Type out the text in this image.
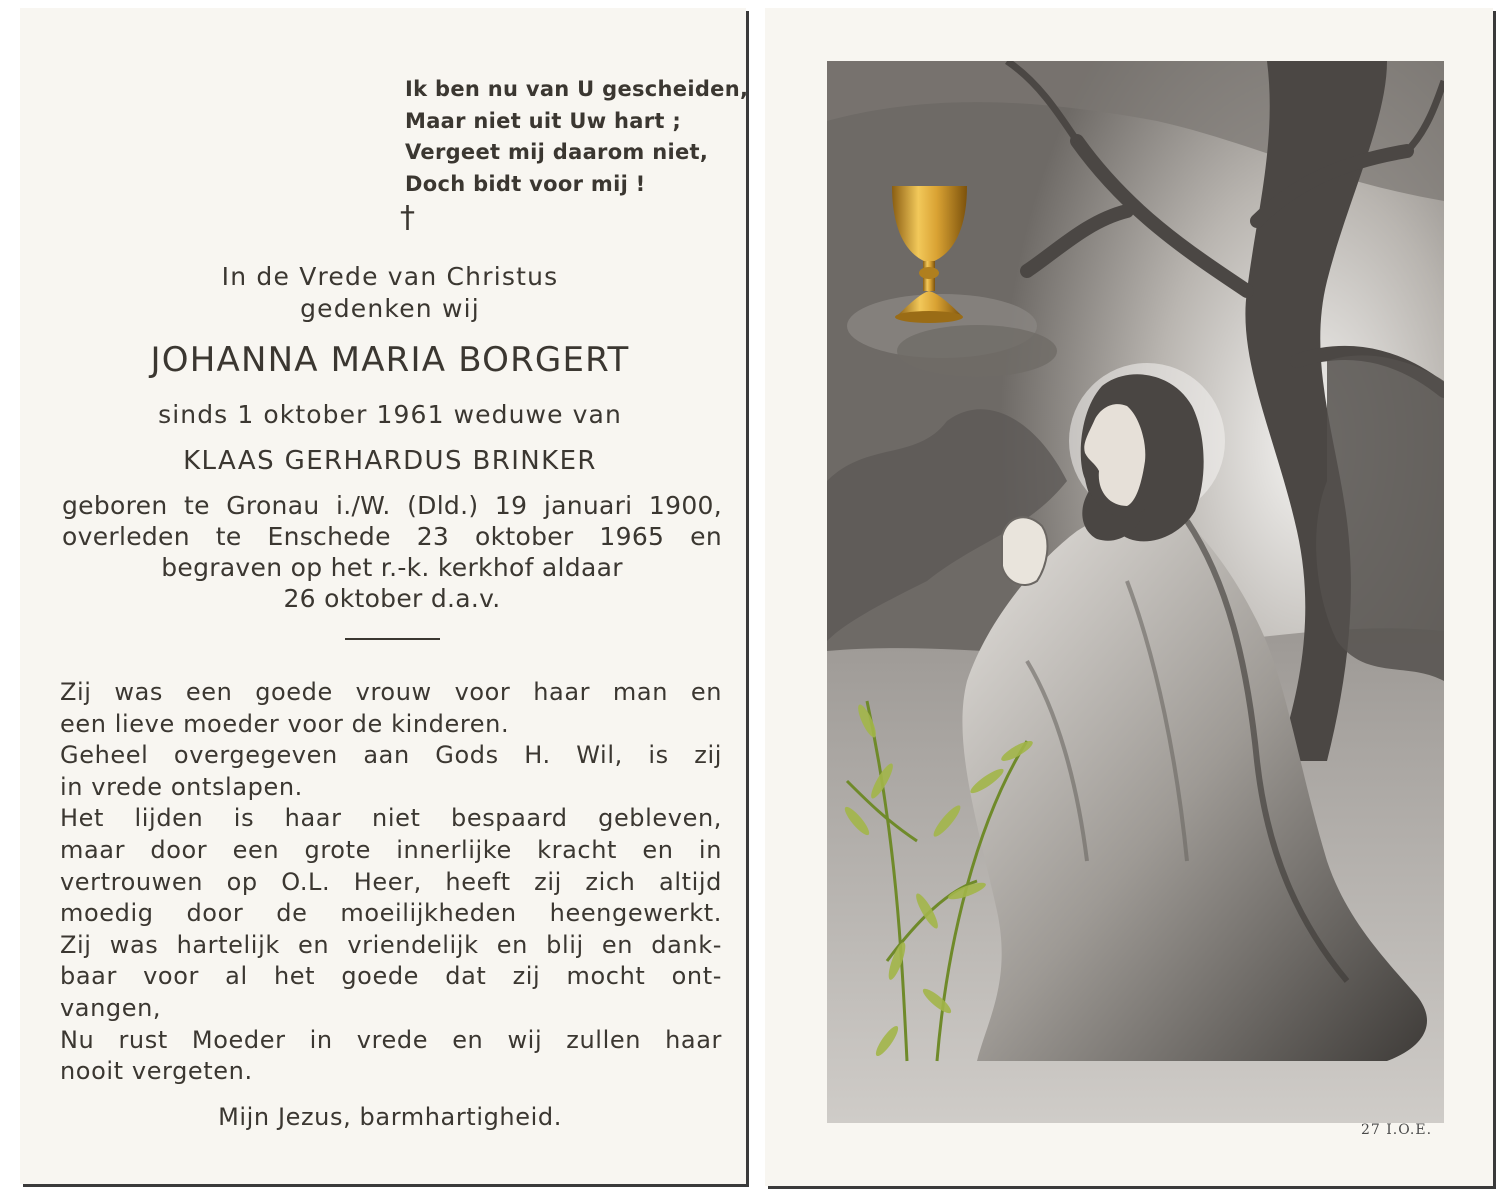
Ik ben nu van U gescheiden,
Maar niet uit Uw hart ;
Vergeet mij daarom niet,
Doch bidt voor mij !
†
In de Vrede van Christus
gedenken wij
JOHANNA MARIA BORGERT
sinds 1 oktober 1961 weduwe van
KLAAS GERHARDUS BRINKER
geboren te Gronau i./W. (Dld.) 19 januari 1900,
overleden te Enschede 23 oktober 1965 en
begraven op het r.-k. kerkhof aldaar
26 oktober d.a.v.
Zij was een goede vrouw voor haar man en
een lieve moeder voor de kinderen.
Geheel overgegeven aan Gods H. Wil, is zij
in vrede ontslapen.
Het lijden is haar niet bespaard gebleven,
maar door een grote innerlijke kracht en in
vertrouwen op O.L. Heer, heeft zij zich altijd
moedig door de moeilijkheden heengewerkt.
Zij was hartelijk en vriendelijk en blij en dank-
baar voor al het goede dat zij mocht ont-
vangen,
Nu rust Moeder in vrede en wij zullen haar
nooit vergeten.
Mijn Jezus, barmhartigheid.	27 I.O.E.
